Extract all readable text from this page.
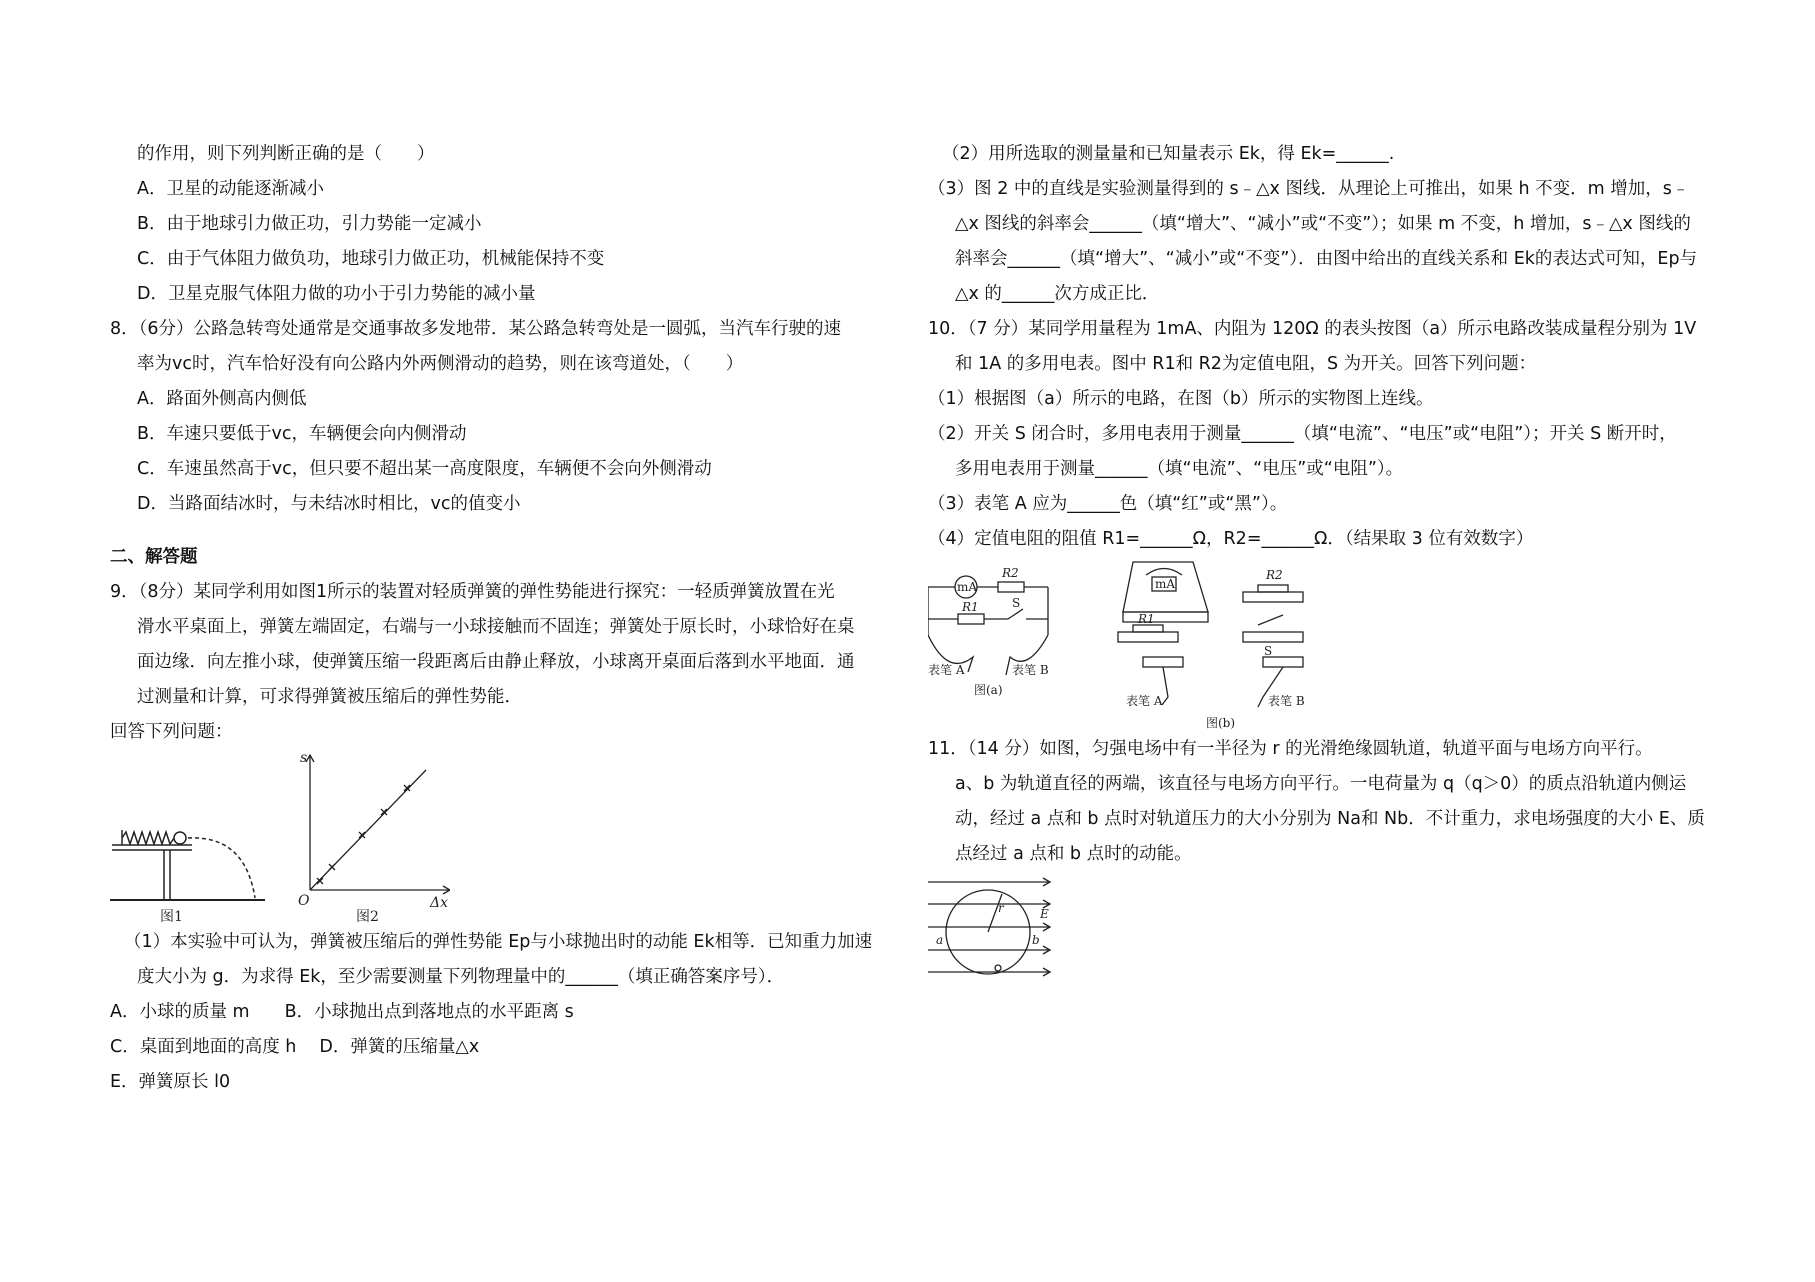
的作用，则下列判断正确的是（　　）
A．卫星的动能逐渐减小
B．由于地球引力做正功，引力势能一定减小
C．由于气体阻力做负功，地球引力做正功，机械能保持不变
D．卫星克服气体阻力做的功小于引力势能的减小量
8．（6分）公路急转弯处通常是交通事故多发地带．某公路急转弯处是一圆弧，当汽车行驶的速
率为vc时，汽车恰好没有向公路内外两侧滑动的趋势，则在该弯道处，（　　）
A．路面外侧高内侧低
B．车速只要低于vc，车辆便会向内侧滑动
C．车速虽然高于vc，但只要不超出某一高度限度，车辆便不会向外侧滑动
D．当路面结冰时，与未结冰时相比，vc的值变小
二、解答题
9．（8分）某同学利用如图1所示的装置对轻质弹簧的弹性势能进行探究：一轻质弹簧放置在光
滑水平桌面上，弹簧左端固定，右端与一小球接触而不固连；弹簧处于原长时，小球恰好在桌
面边缘．向左推小球，使弹簧压缩一段距离后由静止释放，小球离开桌面后落到水平地面．通
过测量和计算，可求得弹簧被压缩后的弹性势能．
回答下列问题：
图1
s
Δx
O
图2
（1）本实验中可认为，弹簧被压缩后的弹性势能 Ep与小球抛出时的动能 Ek相等．已知重力加速
度大小为 g．为求得 Ek，至少需要测量下列物理量中的______（填正确答案序号）．
A．小球的质量 m　　B．小球抛出点到落地点的水平距离 s
C．桌面到地面的高度 h　 D．弹簧的压缩量△x
E．弹簧原长 l0
（2）用所选取的测量量和已知量表示 Ek，得 Ek=______.
（3）图 2 中的直线是实验测量得到的 s﹣△x 图线．从理论上可推出，如果 h 不变．m 增加，s﹣
△x 图线的斜率会______（填“增大”、“减小”或“不变”）；如果 m 不变，h 增加，s﹣△x 图线的
斜率会______（填“增大”、“减小”或“不变”）．由图中给出的直线关系和 Ek的表达式可知，Ep与
△x 的______次方成正比．
10．（7 分）某同学用量程为 1mA、内阻为 120Ω 的表头按图（a）所示电路改装成量程分别为 1V
和 1A 的多用电表。图中 R1和 R2为定值电阻，S 为开关。回答下列问题：
（1）根据图（a）所示的电路，在图（b）所示的实物图上连线。
（2）开关 S 闭合时，多用电表用于测量______（填“电流”、“电压”或“电阻”）；开关 S 断开时，
多用电表用于测量______（填“电流”、“电压”或“电阻”）。
（3）表笔 A 应为______色（填“红”或“黑”）。
（4）定值电阻的阻值 R1=______Ω，R2=______Ω．（结果取 3 位有效数字）
mA
R2
R1	S
表笔 A	表笔 B
图(a)
mA
R2
R1
S
表笔 A	表笔 B
图(b)
11．（14 分）如图，匀强电场中有一半径为 r 的光滑绝缘圆轨道，轨道平面与电场方向平行。
a、b 为轨道直径的两端，该直径与电场方向平行。一电荷量为 q（q＞0）的质点沿轨道内侧运
动，经过 a 点和 b 点时对轨道压力的大小分别为 Na和 Nb．不计重力，求电场强度的大小 E、质
点经过 a 点和 b 点时的动能。
a	b
r	E
